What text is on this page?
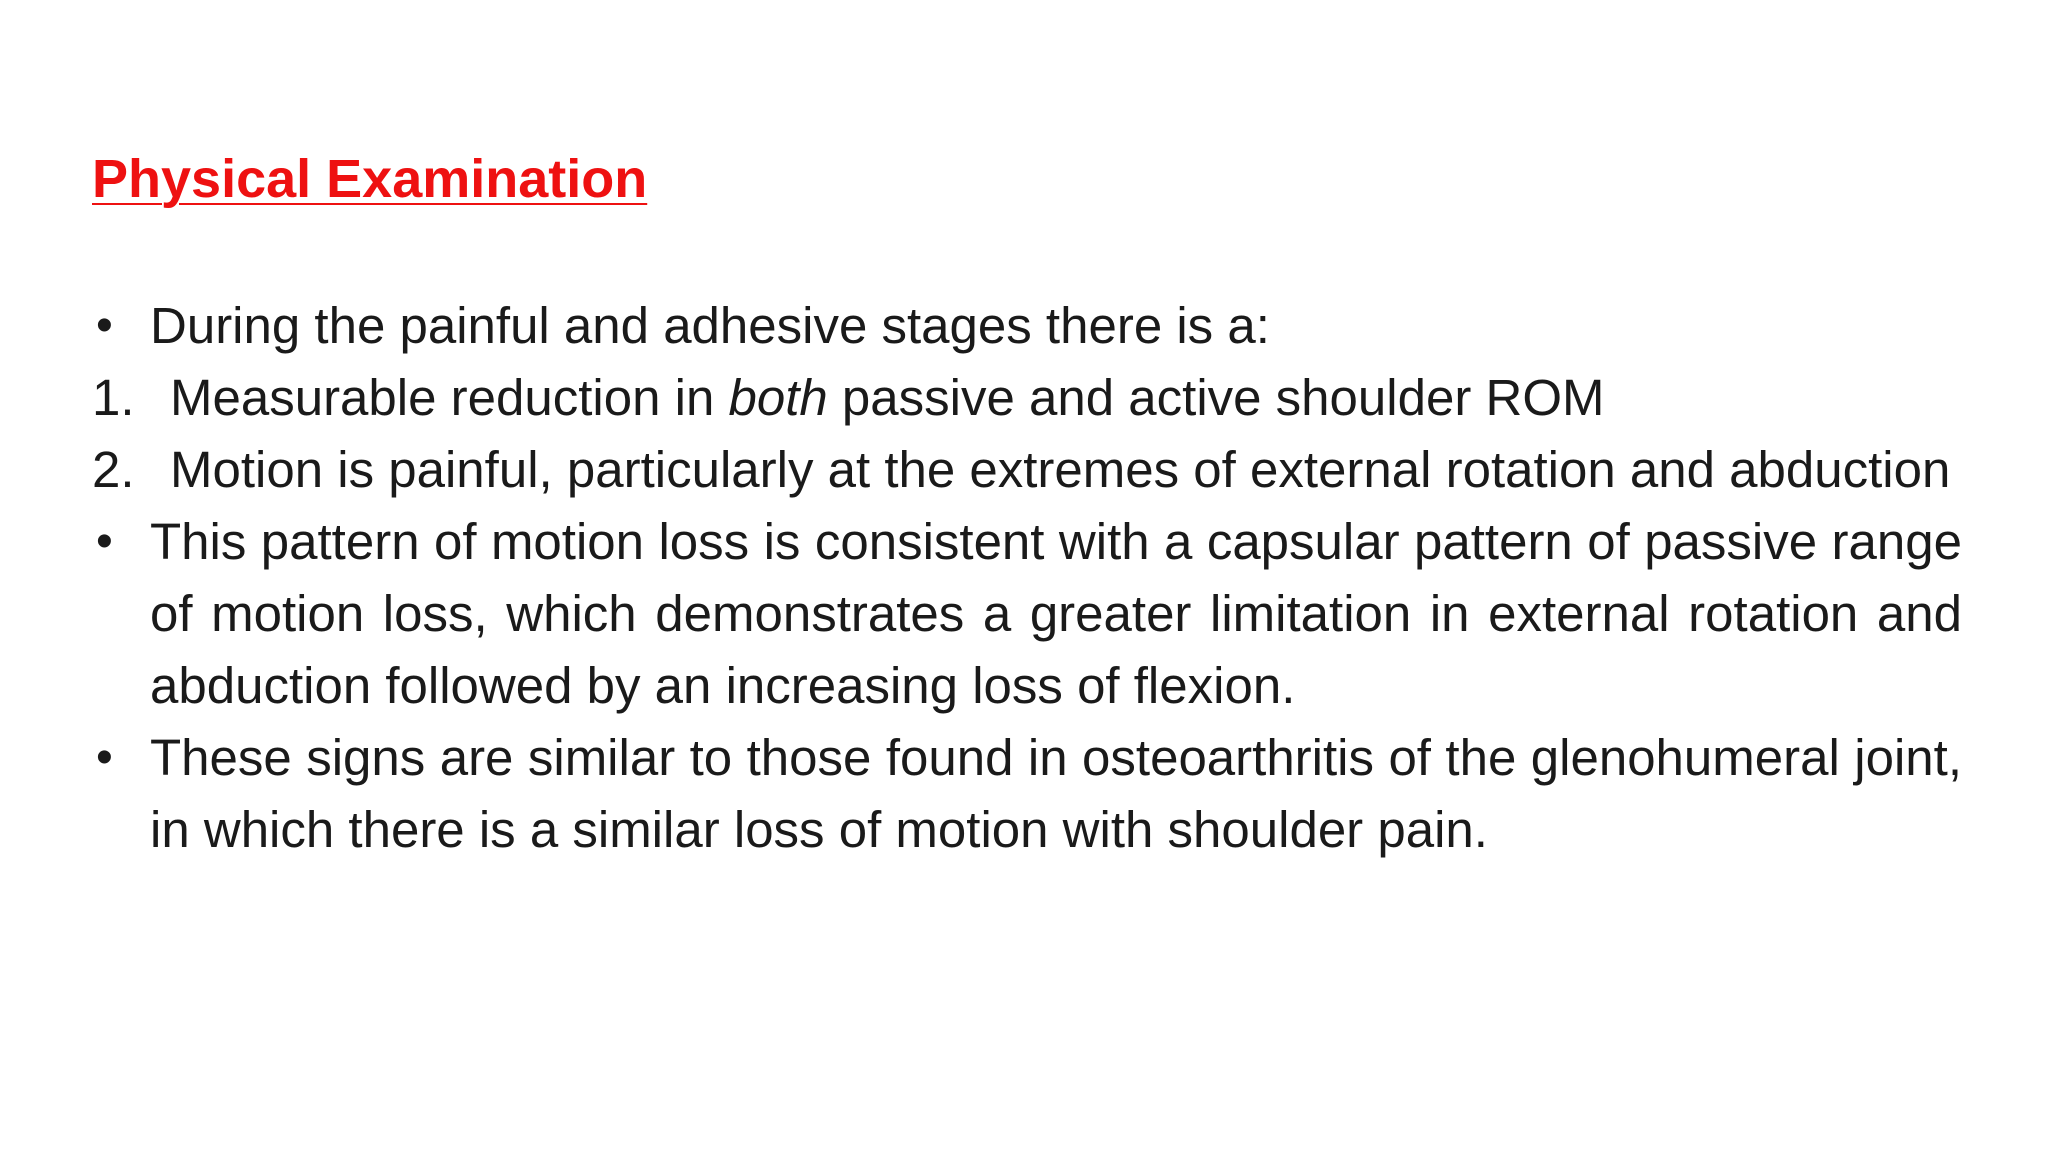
Physical Examination

• During the painful and adhesive stages there is a:

1. Measurable reduction in both passive and active shoulder ROM

2. Motion is painful, particularly at the extremes of external rotation and abduction

• This pattern of motion loss is consistent with a capsular pattern of passive range of motion loss, which demonstrates a greater limitation in external rotation and abduction followed by an increasing loss of flexion.

• These signs are similar to those found in osteoarthritis of the glenohumeral joint, in which there is a similar loss of motion with shoulder pain.
